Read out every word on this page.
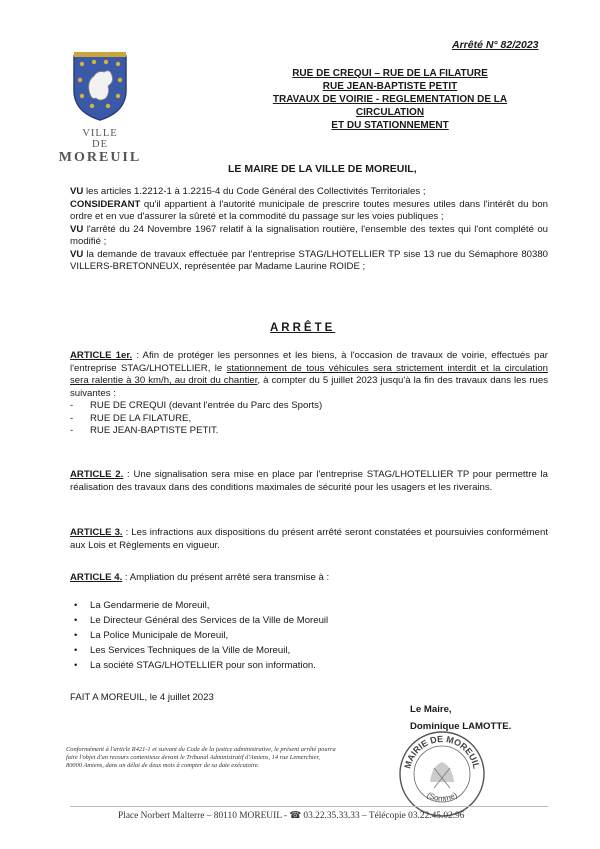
Arrêté N° 82/2023
VILLE
DE
MOREUIL
RUE DE CREQUI – RUE DE LA FILATURE
RUE JEAN-BAPTISTE PETIT
TRAVAUX DE VOIRIE - REGLEMENTATION DE LA CIRCULATION
ET DU STATIONNEMENT
LE MAIRE DE LA VILLE DE MOREUIL,

VU les articles 1.2212-1 à 1.2215-4 du Code Général des Collectivités Territoriales ;

CONSIDERANT qu'il appartient à l'autorité municipale de prescrire toutes mesures utiles dans l'intérêt du bon ordre et en vue d'assurer la sûreté et la commodité du passage sur les voies publiques ;

VU l'arrêté du 24 Novembre 1967 relatif à la signalisation routière, l'ensemble des textes qui l'ont complété ou modifié ;

VU la demande de travaux effectuée par l'entreprise STAG/LHOTELLIER TP sise 13 rue du Sémaphore 80380 VILLERS-BRETONNEUX, représentée par Madame Laurine ROIDE ;

ARRÊTE
ARTICLE 1er. : Afin de protéger les personnes et les biens, à l'occasion de travaux de voirie, effectués par l'entreprise STAG/LHOTELLIER, le stationnement de tous véhicules sera strictement interdit et la circulation sera ralentie à 30 km/h, au droit du chantier, à compter du 5 juillet 2023 jusqu'à la fin des travaux dans les rues suivantes :
- RUE DE CREQUI (devant l'entrée du Parc des Sports)
- RUE DE LA FILATURE,
- RUE JEAN-BAPTISTE PETIT.
ARTICLE 2. : Une signalisation sera mise en place par l'entreprise STAG/LHOTELLIER TP pour permettre la réalisation des travaux dans des conditions maximales de sécurité pour les usagers et les riverains.
ARTICLE 3. : Les infractions aux dispositions du présent arrêté seront constatées et poursuivies conformément aux Lois et Règlements en vigueur.
ARTICLE 4. : Ampliation du présent arrêté sera transmise à :
• La Gendarmerie de Moreuil,
• Le Directeur Général des Services de la Ville de Moreuil
• La Police Municipale de Moreuil,
• Les Services Techniques de la Ville de Moreuil,
• La société STAG/LHOTELLIER pour son information.
FAIT A MOREUIL, le 4 juillet 2023
Le Maire,
Dominique LAMOTTE.
MAIRIE DE MOREUIL
(Somme)
Conformément à l'article R421-1 et suivant du Code de la justice administrative, le présent arrêté pourra faire l'objet d'un recours contentieux devant le Tribunal Administratif d'Amiens, 14 rue Lemerchier, 80000 Amiens, dans un délai de deux mois à compter de sa date exécutoire.
Place Norbert Malterre – 80110 MOREUIL - ☎ 03.22.35.33.33 – Télécopie 03.22.45.02.96
